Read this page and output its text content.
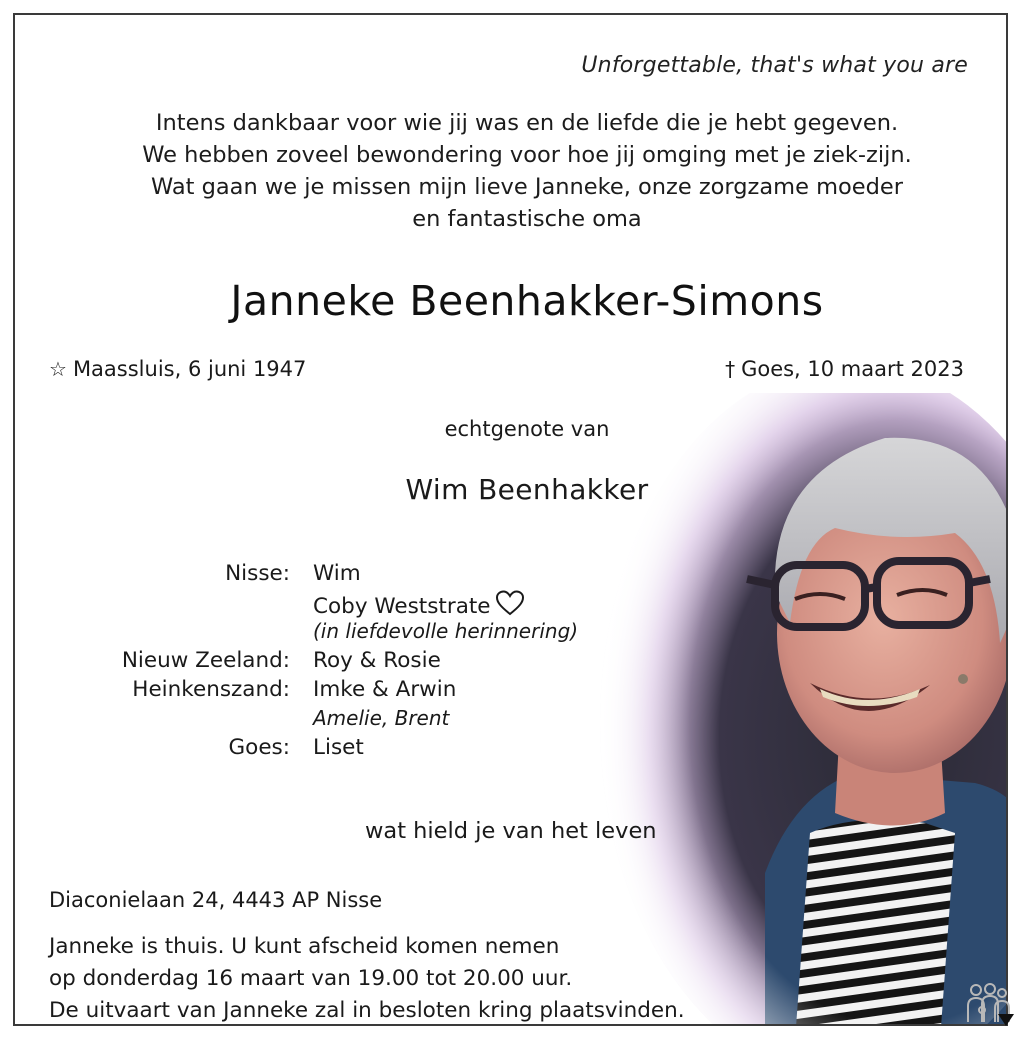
Unforgettable, that's what you are
Intens dankbaar voor wie jij was en de liefde die je hebt gegeven.
We hebben zoveel bewondering voor hoe jij omging met je ziek-zijn.
Wat gaan we je missen mijn lieve Janneke, onze zorgzame moeder
en fantastische oma
Janneke Beenhakker-Simons
☆ Maassluis, 6 juni 1947	† Goes, 10 maart 2023
echtgenote van
Wim Beenhakker
Nisse: Wim
Coby Weststrate
(in liefdevolle herinnering)
Nieuw Zeeland: Roy & Rosie
Heinkenszand: Imke & Arwin
Amelie, Brent
Goes: Liset
wat hield je van het leven
Diaconielaan 24, 4443 AP Nisse
Janneke is thuis. U kunt afscheid komen nemen
op donderdag 16 maart van 19.00 tot 20.00 uur.
De uitvaart van Janneke zal in besloten kring plaatsvinden.
